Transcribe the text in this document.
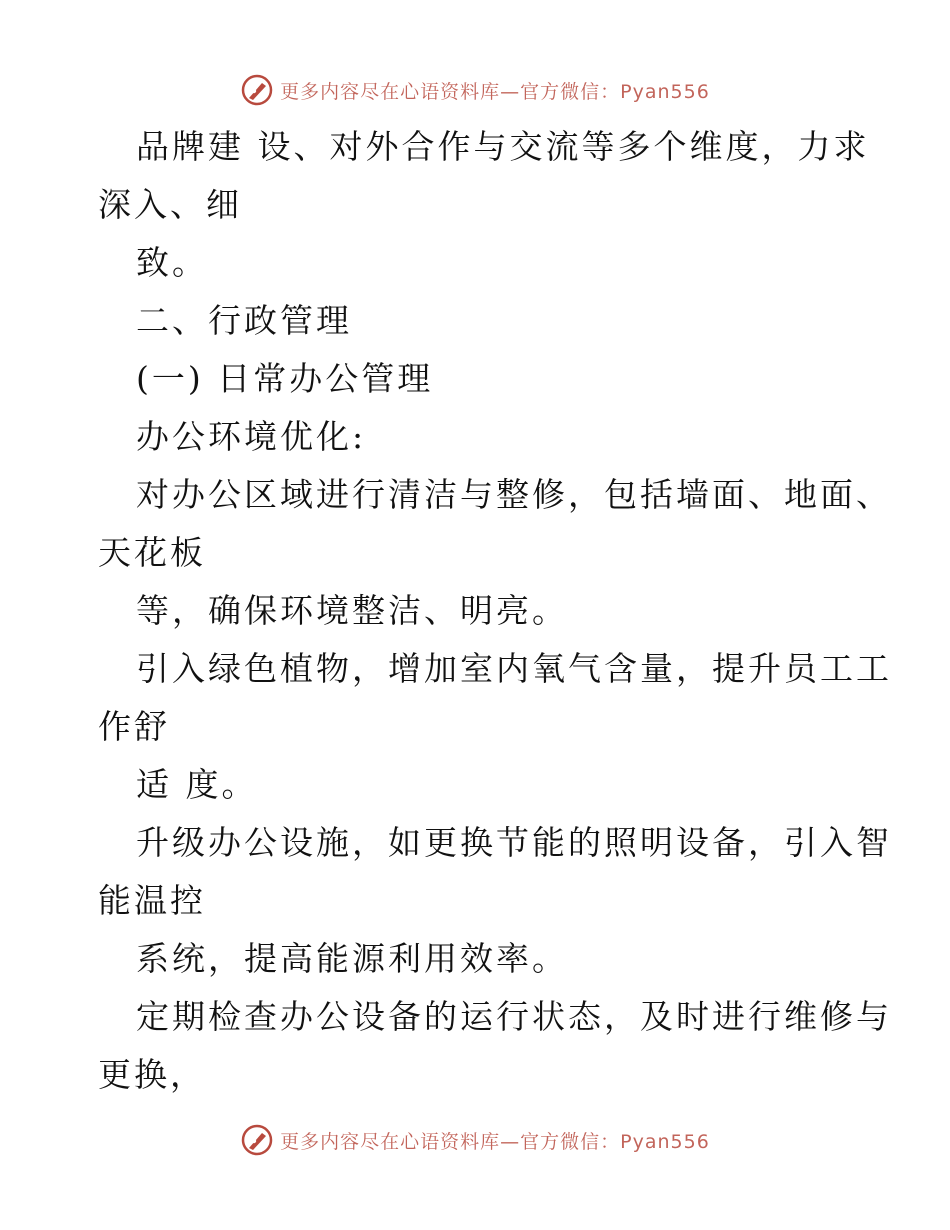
更多内容尽在心语资料库—官方微信：Pyan556

品牌建 设、对外合作与交流等多个维度，力求

深入、细

致。

二、行政管理

(一) 日常办公管理

办公环境优化:

对办公区域进行清洁与整修，包括墙面、地面、

天花板

等，确保环境整洁、明亮。

引入绿色植物，增加室内氧气含量，提升员工工

作舒

适 度。

升级办公设施，如更换节能的照明设备，引入智

能温控

系统，提高能源利用效率。

定期检查办公设备的运行状态，及时进行维修与

更换，

更多内容尽在心语资料库—官方微信：Pyan556
